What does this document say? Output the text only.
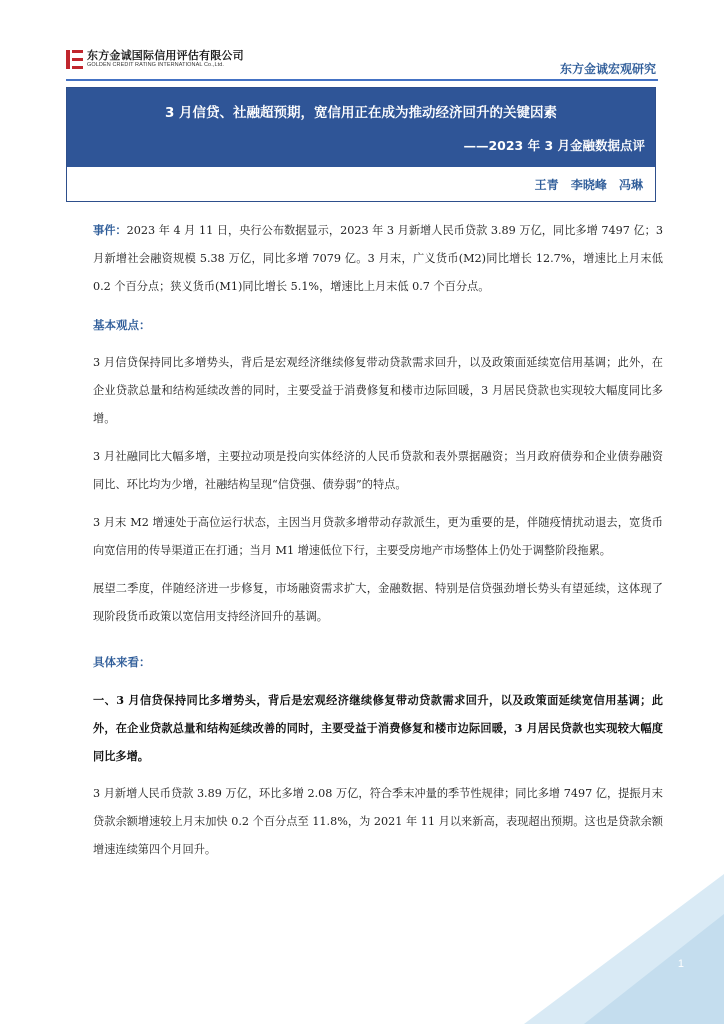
东方金诚国际信用评估有限公司
GOLDEN CREDIT RATING INTERNATIONAL Co.,Ltd.	东方金诚宏观研究
3 月信贷、社融超预期，宽信用正在成为推动经济回升的关键因素
——2023 年 3 月金融数据点评
王青 李晓峰 冯琳

事件：2023 年 4 月 11 日，央行公布数据显示，2023 年 3 月新增人民币贷款 3.89 万亿，同比多增 7497 亿；3 月新增社会融资规模 5.38 万亿，同比多增 7079 亿。3 月末，广义货币(M2)同比增长 12.7%，增速比上月末低 0.2 个百分点；狭义货币(M1)同比增长 5.1%，增速比上月末低 0.7 个百分点。

基本观点：

3 月信贷保持同比多增势头，背后是宏观经济继续修复带动贷款需求回升，以及政策面延续宽信用基调；此外，在企业贷款总量和结构延续改善的同时，主要受益于消费修复和楼市边际回暖，3 月居民贷款也实现较大幅度同比多增。

3 月社融同比大幅多增，主要拉动项是投向实体经济的人民币贷款和表外票据融资；当月政府债券和企业债券融资同比、环比均为少增，社融结构呈现“信贷强、债券弱”的特点。

3 月末 M2 增速处于高位运行状态，主因当月贷款多增带动存款派生，更为重要的是，伴随疫情扰动退去，宽货币向宽信用的传导渠道正在打通；当月 M1 增速低位下行，主要受房地产市场整体上仍处于调整阶段拖累。

展望二季度，伴随经济进一步修复，市场融资需求扩大，金融数据、特别是信贷强劲增长势头有望延续，这体现了现阶段货币政策以宽信用支持经济回升的基调。

具体来看：

一、3 月信贷保持同比多增势头，背后是宏观经济继续修复带动贷款需求回升，以及政策面延续宽信用基调；此外，在企业贷款总量和结构延续改善的同时，主要受益于消费修复和楼市边际回暖，3 月居民贷款也实现较大幅度同比多增。

3 月新增人民币贷款 3.89 万亿，环比多增 2.08 万亿，符合季末冲量的季节性规律；同比多增 7497 亿，提振月末贷款余额增速较上月末加快 0.2 个百分点至 11.8%，为 2021 年 11 月以来新高，表现超出预期。这也是贷款余额增速连续第四个月回升。

1
